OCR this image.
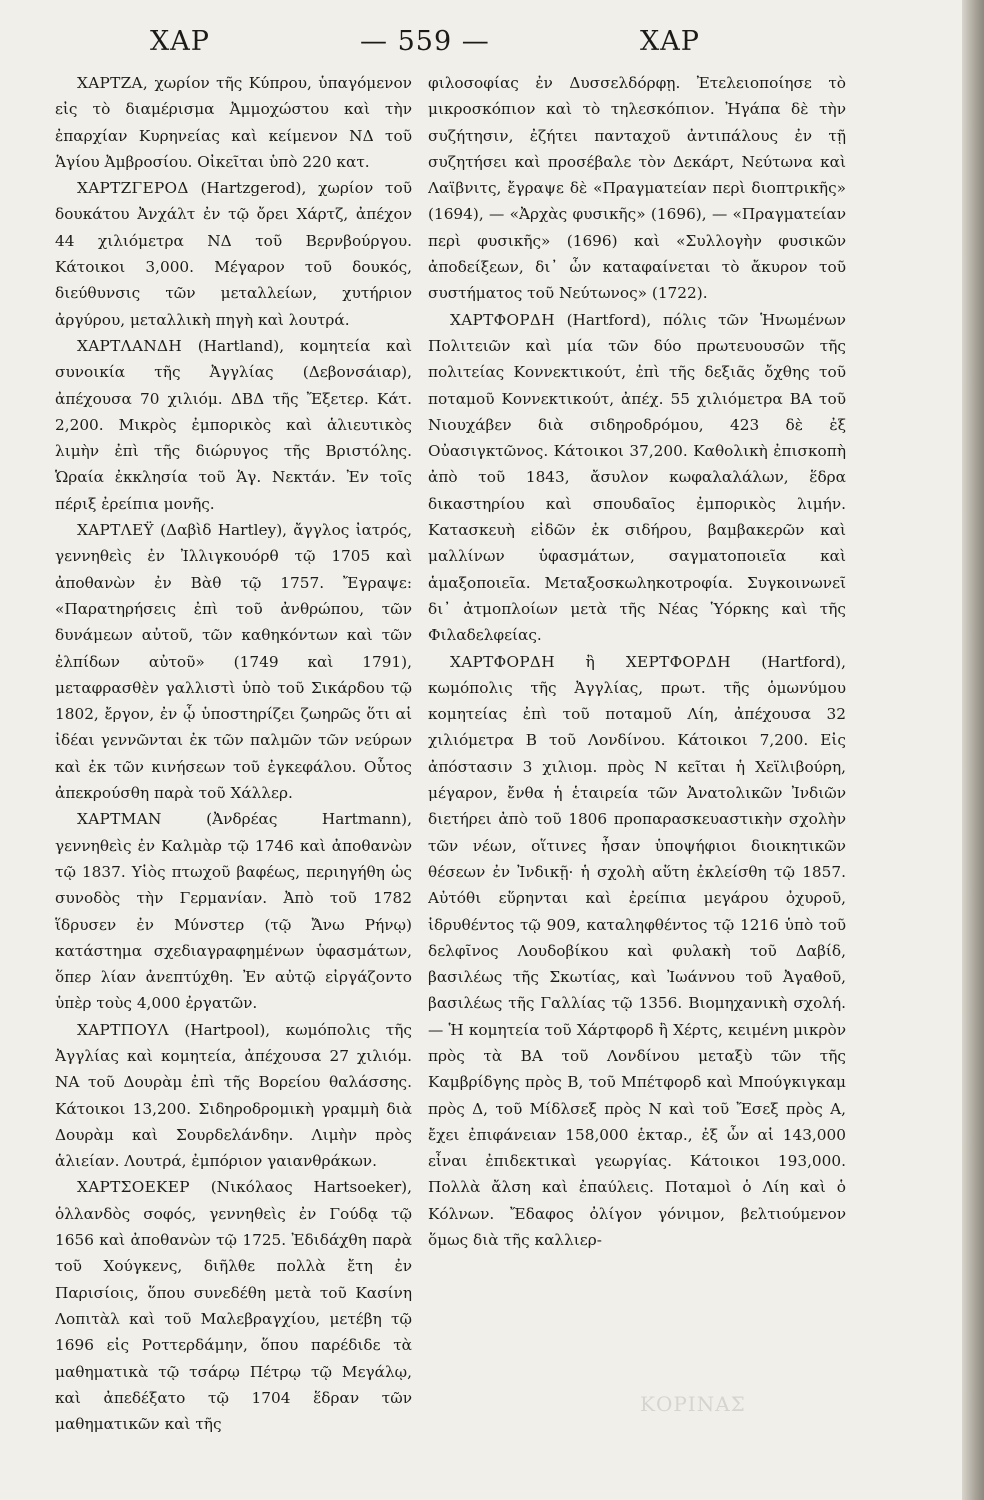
ΧΑΡ	— 559 —	ΧΑΡ

ΧΑΡΤΖΑ, χωρίον τῆς Κύπρου, ὑπαγόμενον εἰς τὸ διαμέρισμα Ἀμμοχώστου καὶ τὴν ἐπαρχίαν Κυρηνείας καὶ κείμενον ΝΔ τοῦ Ἁγίου Ἀμβροσίου. Οἰκεῖται ὑπὸ 220 κατ.

ΧΑΡΤΖΓΕΡΟΔ (Hartzgerod), χωρίον τοῦ δουκάτου Ἀνχάλτ ἐν τῷ ὄρει Χάρτζ, ἀπέχον 44 χιλιόμετρα ΝΔ τοῦ Βερνβούργου. Κάτοικοι 3,000. Μέγαρον τοῦ δουκός, διεύθυνσις τῶν μεταλλείων, χυτήριον ἀργύρου, μεταλλικὴ πηγὴ καὶ λουτρά.

ΧΑΡΤΛΑΝΔΗ (Hartland), κομητεία καὶ συνοικία τῆς Ἀγγλίας (Δεβονσάιαρ), ἀπέχουσα 70 χιλιόμ. ΔΒΔ τῆς Ἔξετερ. Κάτ. 2,200. Μικρὸς ἐμπορικὸς καὶ ἁλιευτικὸς λιμὴν ἐπὶ τῆς διώρυγος τῆς Βριστόλης. Ὡραία ἐκκλησία τοῦ Ἁγ. Νεκτάν. Ἐν τοῖς πέριξ ἐρείπια μονῆς.

ΧΑΡΤΛΕΫ (Δαβὶδ Hartley), ἄγγλος ἰατρός, γεννηθεὶς ἐν Ἰλλιγκουόρθ τῷ 1705 καὶ ἀποθανὼν ἐν Βὰθ τῷ 1757. Ἔγραψε: «Παρατηρήσεις ἐπὶ τοῦ ἀνθρώπου, τῶν δυνάμεων αὐτοῦ, τῶν καθηκόντων καὶ τῶν ἐλπίδων αὐτοῦ» (1749 καὶ 1791), μεταφρασθὲν γαλλιστὶ ὑπὸ τοῦ Σικάρδου τῷ 1802, ἔργον, ἐν ᾧ ὑποστηρίζει ζωηρῶς ὅτι αἱ ἰδέαι γεννῶνται ἐκ τῶν παλμῶν τῶν νεύρων καὶ ἐκ τῶν κινήσεων τοῦ ἐγκεφάλου. Οὗτος ἀπεκρούσθη παρὰ τοῦ Χάλλερ.

ΧΑΡΤΜΑΝ	(Ἀνδρέας Hartmann), γεννηθεὶς ἐν Καλμὰρ τῷ 1746 καὶ ἀποθανὼν τῷ 1837. Υἱὸς πτωχοῦ βαφέως, περιηγήθη ὡς συνοδὸς τὴν Γερμανίαν. Ἀπὸ τοῦ 1782 ἵδρυσεν ἐν Μύνστερ (τῷ Ἄνω Ρήνῳ) κατάστημα σχεδιαγραφημένων ὑφασμάτων, ὅπερ λίαν ἀνεπτύχθη. Ἐν αὐτῷ εἰργάζοντο ὑπὲρ τοὺς 4,000 ἐργατῶν.

ΧΑΡΤΠΟΥΛ (Hartpool), κωμόπολις τῆς Ἀγγλίας καὶ κομητεία, ἀπέχουσα 27 χιλιόμ. ΝΑ τοῦ Δουρὰμ ἐπὶ τῆς Βορείου θαλάσσης. Κάτοικοι 13,200. Σιδηροδρομικὴ γραμμὴ διὰ Δουρὰμ καὶ Σουρδελάνδην. Λιμὴν πρὸς ἁλιείαν. Λουτρά, ἐμπόριον γαιανθράκων.

ΧΑΡΤΣΟΕΚΕΡ (Νικόλαος Hartsoeker), ὁλλανδὸς σοφός, γεννηθεὶς ἐν Γούδᾳ τῷ 1656 καὶ ἀποθανὼν τῷ 1725. Ἐδιδάχθη παρὰ τοῦ Χούγκενς, διῆλθε πολλὰ ἔτη ἐν Παρισίοις, ὅπου συνεδέθη μετὰ τοῦ Κασίνη Λοπιτὰλ καὶ τοῦ Μαλεβραγχίου, μετέβη τῷ 1696 εἰς Ροττερδάμην, ὅπου παρέδιδε τὰ μαθηματικὰ τῷ τσάρῳ Πέτρῳ τῷ Μεγάλῳ, καὶ ἀπεδέξατο τῷ 1704 ἕδραν τῶν μαθηματικῶν καὶ τῆς

φιλοσοφίας ἐν Δυσσελδόρφῃ. Ἐτελειοποίησε τὸ μικροσκόπιον καὶ τὸ τηλεσκόπιον. Ἠγάπα δὲ τὴν συζήτησιν, ἐζήτει πανταχοῦ ἀντιπάλους ἐν τῇ συζητήσει καὶ προσέβαλε τὸν Δεκάρτ, Νεύτωνα καὶ Λαϊβνιτς, ἔγραψε δὲ «Πραγματείαν περὶ διοπτρικῆς» (1694), — «Ἀρχὰς φυσικῆς» (1696), — «Πραγματείαν περὶ φυσικῆς» (1696) καὶ «Συλλογὴν φυσικῶν ἀποδείξεων, δι᾽ ὧν καταφαίνεται τὸ ἄκυρον τοῦ συστήματος τοῦ Νεύτωνος» (1722).

ΧΑΡΤΦΟΡΔΗ (Hartford), πόλις τῶν Ἡνωμένων Πολιτειῶν καὶ μία τῶν δύο πρωτευουσῶν τῆς πολιτείας Κοννεκτικούτ, ἐπὶ τῆς δεξιᾶς ὄχθης τοῦ ποταμοῦ Κοννεκτικούτ, ἀπέχ. 55 χιλιόμετρα ΒΑ τοῦ Νιουχάβεν διὰ σιδηροδρόμου, 423 δὲ ἐξ Οὐασιγκτῶνος. Κάτοικοι 37,200. Καθολικὴ ἐπισκοπὴ ἀπὸ τοῦ 1843, ἄσυλον κωφαλαλάλων, ἕδρα δικαστηρίου καὶ σπουδαῖος ἐμπορικὸς λιμήν. Κατασκευὴ εἰδῶν ἐκ σιδήρου, βαμβακερῶν καὶ μαλλίνων ὑφασμάτων, σαγματοποιεῖα καὶ ἁμαξοποιεῖα. Μεταξοσκωληκοτροφία. Συγκοινωνεῖ δι᾽ ἀτμοπλοίων μετὰ τῆς Νέας Ὑόρκης καὶ τῆς Φιλαδελφείας.

ΧΑΡΤΦΟΡΔΗ ἢ ΧΕΡΤΦΟΡΔΗ (Hartford), κωμόπολις τῆς Ἀγγλίας, πρωτ. τῆς ὁμωνύμου κομητείας ἐπὶ τοῦ ποταμοῦ Λίη, ἀπέχουσα 32 χιλιόμετρα Β τοῦ Λονδίνου. Κάτοικοι 7,200. Εἰς ἀπόστασιν 3 χιλιομ. πρὸς Ν κεῖται ἡ Χεϊλιβούρη, μέγαρον, ἔνθα ἡ ἑταιρεία τῶν Ἀνατολικῶν Ἰνδιῶν διετήρει ἀπὸ τοῦ 1806 προπαρασκευαστικὴν σχολὴν τῶν νέων, οἵτινες ἦσαν ὑποψήφιοι διοικητικῶν θέσεων ἐν Ἰνδικῇ· ἡ σχολὴ αὕτη ἐκλείσθη τῷ 1857. Αὐτόθι εὕρηνται καὶ ἐρείπια μεγάρου ὀχυροῦ, ἱδρυθέντος τῷ 909, καταληφθέντος τῷ 1216 ὑπὸ τοῦ δελφῖνος Λουδοβίκου καὶ φυλακὴ τοῦ Δαβίδ, βασιλέως τῆς Σκωτίας, καὶ Ἰωάννου τοῦ Ἀγαθοῦ, βασιλέως τῆς Γαλλίας τῷ 1356. Βιομηχανικὴ σχολή. — Ἡ κομητεία τοῦ Χάρτφορδ ἢ Χέρτς, κειμένη μικρὸν πρὸς τὰ ΒΑ τοῦ Λονδίνου μεταξὺ τῶν τῆς Καμβρίδγης πρὸς Β, τοῦ Μπέτφορδ καὶ Μπούγκιγκαμ πρὸς Δ, τοῦ Μίδλσεξ πρὸς Ν καὶ τοῦ Ἔσεξ πρὸς Α, ἔχει ἐπιφάνειαν 158,000 ἑκταρ., ἐξ ὧν αἱ 143,000 εἶναι ἐπιδεκτικαὶ γεωργίας. Κάτοικοι 193,000. Πολλὰ ἄλση καὶ ἐπαύλεις. Ποταμοὶ ὁ Λίη καὶ ὁ Κόλνων. Ἔδαφος ὀλίγον γόνιμον, βελτιούμενον ὅμως διὰ τῆς καλλιερ-

ΚΟΡΙΝΑΣ
